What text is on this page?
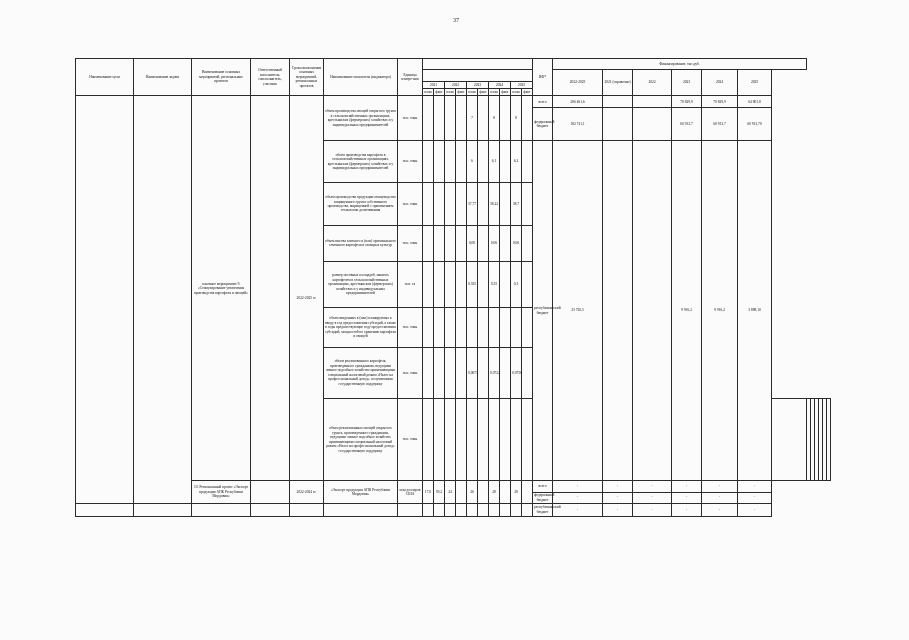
37
Наименование цели	Наименование задачи	Наименование основных мероприятий, региональных проектов	Ответственный исполнитель, соисполнитель, участник	Сроки выполнения основных мероприятий, региональных проектов	Наименование показателя (индикатора)	Единица измере-ния											ИФ*	Финансирование, тыс.руб.												
																		2022-2025	2021 (справочно)	2022	2023	2024	2025							
							2021		2022		2023		2024		2025															
							план	факт	план	факт	план	факт	план	факт	план	факт														
		основное мероприятие 9. «Стимулирование увеличения производства картофеля и овощей»		2022-2025 гг.	объем производства овощей открытого грунта в сельскохозяйственных организациях, крестьянских (фермерских) хозяйствах и у индивидуальных предпринимателей	тыс. тонн					7		8		8		всего	206 461,6			70 829,9	70 829,9	64 801,8							
																	федеральный бюджет	182 741,1			60 913,7	60 913,7	60 913,70							

					объем производства картофеля в сельскохозяйственных организациях, крестьянских (фермерских) хозяйствах и у индивидуальных предпринимателей	тыс. тонн					6		6,1		6,2		республиканский бюджет	23 720,5			9 916,2	9 916,2	3 888,10							
					объем производства продукции овощеводства защищенного грунта собственного производства, выращенной с применением технологии досвечивания	тыс. тонн					37,77		38,22		38,7															
					объем высева элитного и (или) оригинального семенного картофеля и овощных культур	тыс. тонн					0,00		0,06		0,06															
					размер посевных площадей, занятых картофелем в сельскохозяйственных организациях, крестьянских (фермерских) хозяйствах и у индивидуальных предпринимателей	тыс. га					0,335		0,35		0,3															
					объем введенных в (или) планируемых к вводу в год предоставления субсидий, а также в годы предшествующие году предоставления субсидий, мощностей по хранению картофеля и овощей	тыс. тонн																								
					объем реализованного картофеля, произведенного гражданами, ведущими личное подсобное хозяйство применяющими специальный налоговый режим «Налог на профессиональный доход», получившими государственную поддержку	тыс. тонн					0,0673		0,0722		0,0756															
					объем реализованных овощей открытого грунта, произведенного гражданами, ведущими личное подсобное хозяйство применяющими специальный налоговый режим «Налог на профессиональный доход» государственную поддержку	тыс. тонн																								
		10. Региональный проект «Экспорт продукции АПК Республики Мордовия»		2022-2024 гг.	«Экспорт продукции АПК Республики Мордовия»	млн долларов США	17,0	59,2	24		26		28		28		всего	-	-	-	-	-	-							
																	федеральный бюджет	-	-	-	-	-	-							
																	республиканский бюджет	-	-	-	-	-	-							
